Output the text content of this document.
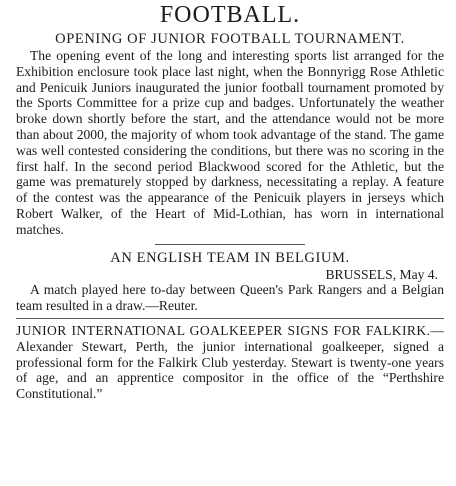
FOOTBALL.
OPENING OF JUNIOR FOOTBALL TOURNAMENT.

The opening event of the long and interesting sports list arranged for the Exhibition enclosure took place last night, when the Bonnyrigg Rose Athletic and Penicuik Juniors inaugurated the junior football tournament promoted by the Sports Committee for a prize cup and badges. Unfortunately the weather broke down shortly before the start, and the attendance would not be more than about 2000, the majority of whom took advantage of the stand. The game was well contested considering the conditions, but there was no scoring in the first half. In the second period Blackwood scored for the Athletic, but the game was prematurely stopped by darkness, necessitating a replay. A feature of the contest was the appearance of the Penicuik players in jerseys which Robert Walker, of the Heart of Mid-Lothian, has worn in international matches.

AN ENGLISH TEAM IN BELGIUM.

BRUSSELS, May 4.

A match played here to-day between Queen's Park Rangers and a Belgian team resulted in a draw.—Reuter.

JUNIOR INTERNATIONAL GOALKEEPER SIGNS FOR FALKIRK.—Alexander Stewart, Perth, the junior international goalkeeper, signed a professional form for the Falkirk Club yesterday. Stewart is twenty-one years of age, and an apprentice compositor in the office of the “Perthshire Constitutional.”
